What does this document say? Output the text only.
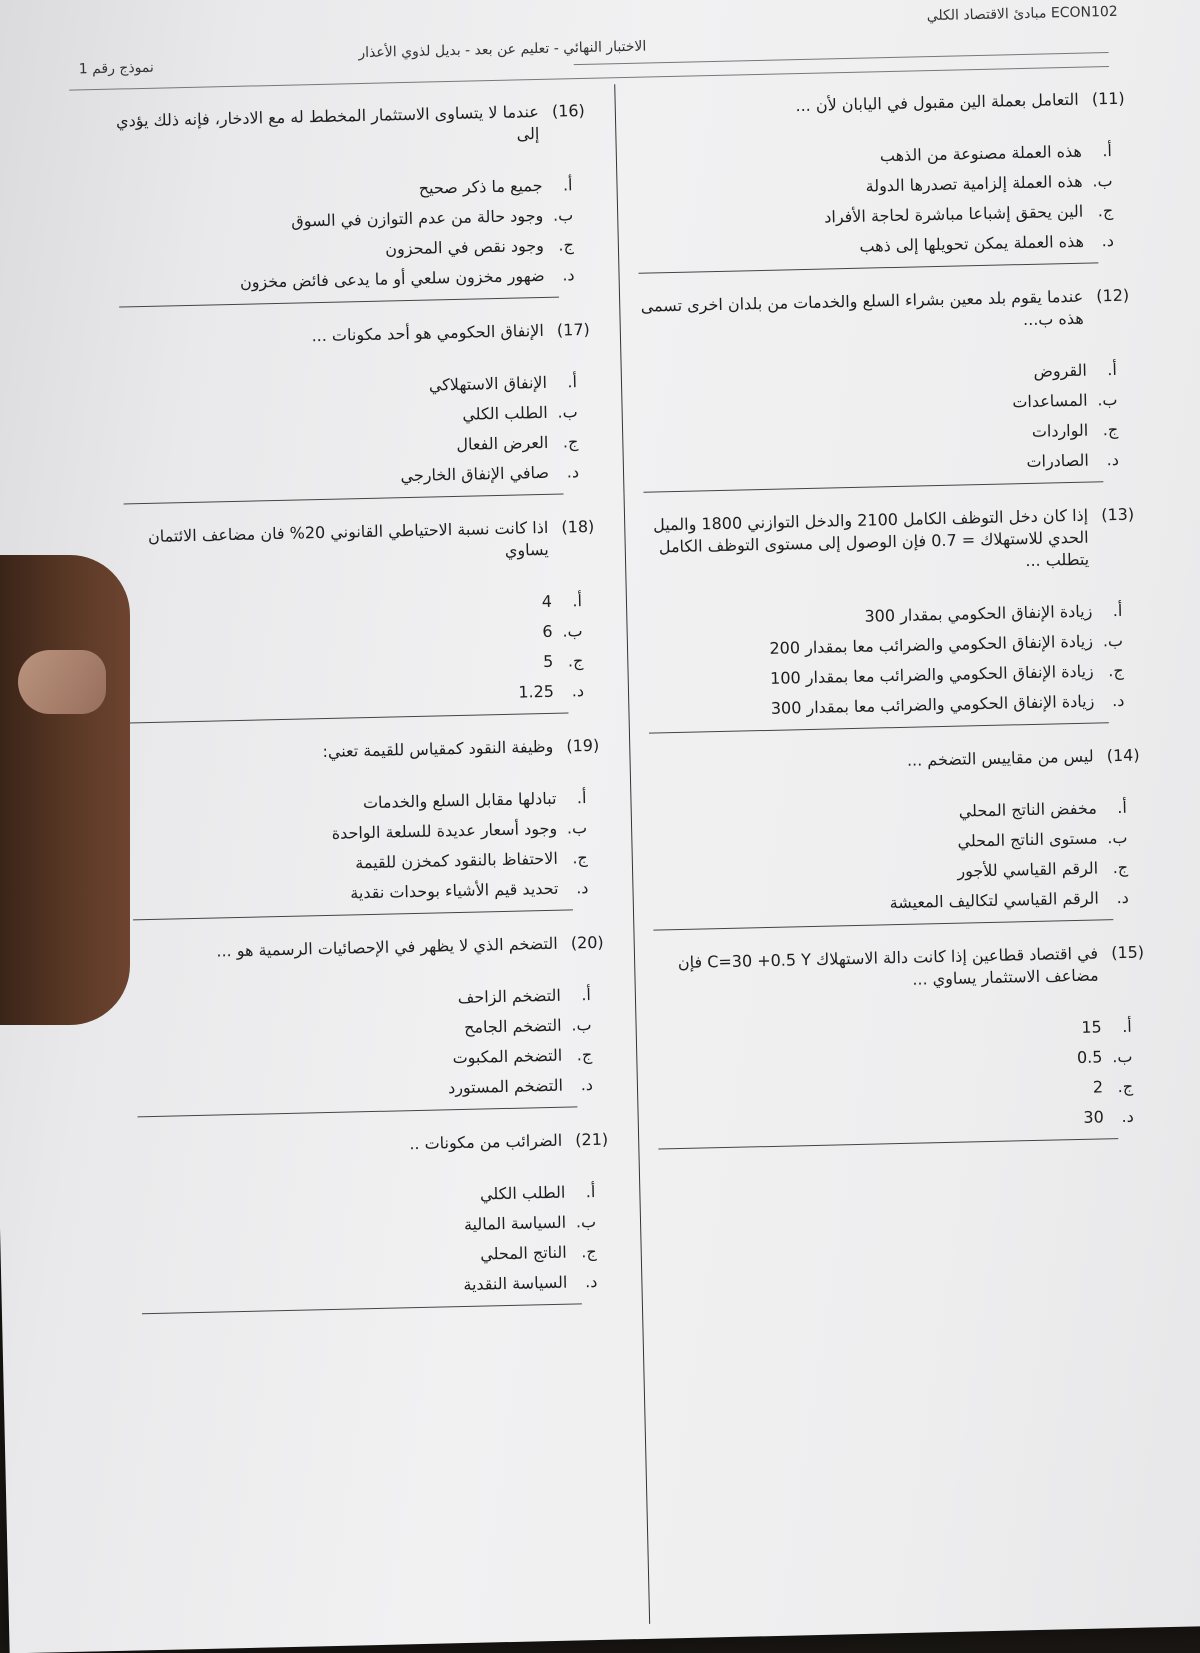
مبادئ الاقتصاد الكلي ECON102
الاختبار النهائي - تعليم عن بعد - بديل لذوي الأعذار
نموذج رقم 1
(11)
التعامل بعملة الين مقبول في اليابان لأن ...
أ.
هذه العملة مصنوعة من الذهب
ب.
هذه العملة إلزامية تصدرها الدولة
ج.
الين يحقق إشباعا مباشرة لحاجة الأفراد
د.
هذه العملة يمكن تحويلها إلى ذهب
(12)
عندما يقوم بلد معين بشراء السلع والخدمات من بلدان اخرى تسمى هذه ب...
أ.
القروض
ب.
المساعدات
ج.
الواردات
د.
الصادرات
(13)
إذا كان دخل التوظف الكامل 2100 والدخل التوازني 1800 والميل الحدي للاستهلاك = 0.7 فإن الوصول إلى مستوى التوظف الكامل يتطلب ...
أ.
زيادة الإنفاق الحكومي بمقدار 300
ب.
زيادة الإنفاق الحكومي والضرائب معا بمقدار 200
ج.
زيادة الإنفاق الحكومي والضرائب معا بمقدار 100
د.
زيادة الإنفاق الحكومي والضرائب معا بمقدار 300
(14)
ليس من مقاييس التضخم ...
أ.
مخفض الناتج المحلي
ب.
مستوى الناتج المحلي
ج.
الرقم القياسي للأجور
د.
الرقم القياسي لتكاليف المعيشة
(15)
في اقتصاد قطاعين إذا كانت دالة الاستهلاك C=30 +0.5 Y فإن مضاعف الاستثمار يساوي ...
أ.
15
ب.
0.5
ج.
2
د.
30
(16)
عندما لا يتساوى الاستثمار المخطط له مع الادخار، فإنه ذلك يؤدي إلى
أ.
جميع ما ذكر صحيح
ب.
وجود حالة من عدم التوازن في السوق
ج.
وجود نقص في المحزون
د.
ضهور مخزون سلعي أو ما يدعى فائض مخزون
(17)
الإنفاق الحكومي هو أحد مكونات ...
أ.
الإنفاق الاستهلاكي
ب.
الطلب الكلي
ج.
العرض الفعال
د.
صافي الإنفاق الخارجي
(18)
اذا كانت نسبة الاحتياطي القانوني 20% فان مضاعف الائتمان يساوي
أ.
4
ب.
6
ج.
5
د.
1.25
(19)
وظيفة النقود كمقياس للقيمة تعني:
أ.
تبادلها مقابل السلع والخدمات
ب.
وجود أسعار عديدة للسلعة الواحدة
ج.
الاحتفاظ بالنقود كمخزن للقيمة
د.
تحديد قيم الأشياء بوحدات نقدية
(20)
التضخم الذي لا يظهر في الإحصائيات الرسمية هو ...
أ.
التضخم الزاحف
ب.
التضخم الجامح
ج.
التضخم المكبوت
د.
التضخم المستورد
(21)
الضرائب من مكونات ..
أ.
الطلب الكلي
ب.
السياسة المالية
ج.
الناتج المحلي
د.
السياسة النقدية
